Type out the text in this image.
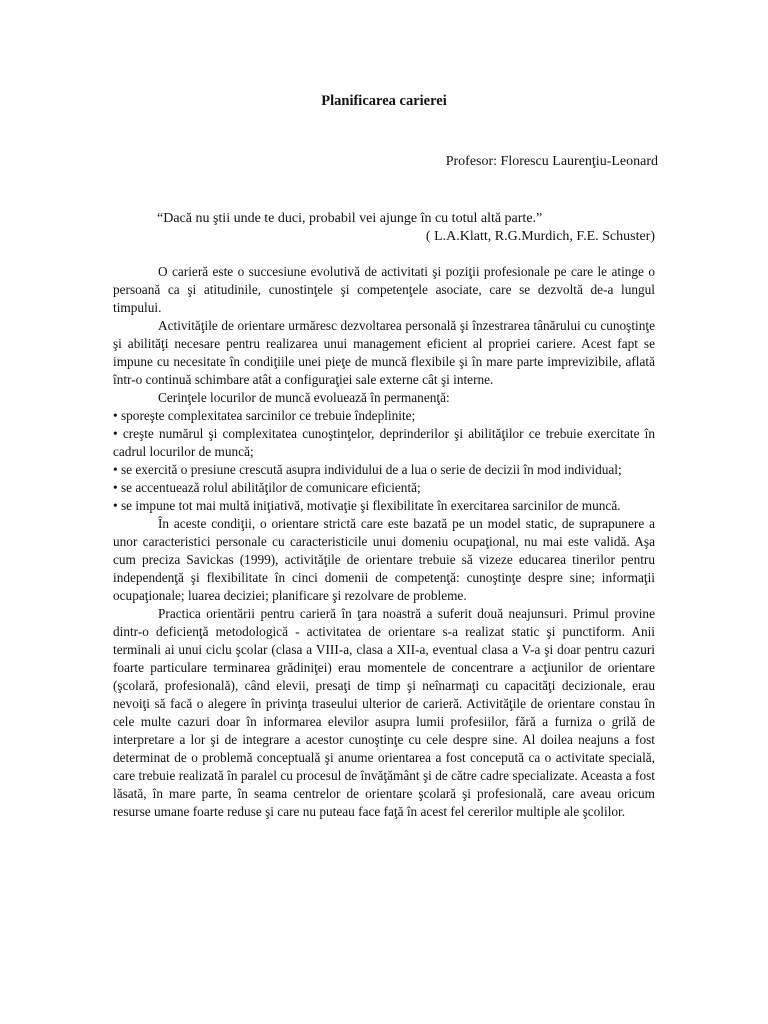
Planificarea carierei
Profesor: Florescu Laurenţiu-Leonard
“Dacă nu ştii unde te duci, probabil vei ajunge în cu totul altă parte.”
( L.A.Klatt, R.G.Murdich, F.E. Schuster)

O carieră este o succesiune evolutivă de activitati şi poziţii profesionale pe care le atinge o persoană ca şi atitudinile, cunostinţele şi competenţele asociate, care se dezvoltă de-a lungul timpului.

Activităţile de orientare urmăresc dezvoltarea personală şi înzestrarea tânărului cu cunoştinţe şi abilităţi necesare pentru realizarea unui management eficient al propriei cariere. Acest fapt se impune cu necesitate în condiţiile unei pieţe de muncă flexibile şi în mare parte imprevizibile, aflată într-o continuă schimbare atât a configuraţiei sale externe cât şi interne.

Cerinţele locurilor de muncă evoluează în permanenţă:

• sporeşte complexitatea sarcinilor ce trebuie îndeplinite;

• creşte numărul şi complexitatea cunoştinţelor, deprinderilor şi abilităţilor ce trebuie exercitate în cadrul locurilor de muncă;

• se exercită o presiune crescută asupra individului de a lua o serie de decizii în mod individual;

• se accentuează rolul abilităţilor de comunicare eficientă;

• se impune tot mai multă iniţiativă, motivaţie şi flexibilitate în exercitarea sarcinilor de muncă.

În aceste condiţii, o orientare strictă care este bazată pe un model static, de suprapunere a unor caracteristici personale cu caracteristicile unui domeniu ocupaţional, nu mai este validă. Aşa cum preciza Savickas (1999), activităţile de orientare trebuie să vizeze educarea tinerilor pentru independenţă şi flexibilitate în cinci domenii de competenţă: cunoştinţe despre sine; informaţii ocupaţionale; luarea deciziei; planificare şi rezolvare de probleme.

Practica orientării pentru carieră în ţara noastră a suferit două neajunsuri. Primul provine dintr-o deficienţă metodologică - activitatea de orientare s-a realizat static şi punctiform. Anii terminali ai unui ciclu şcolar (clasa a VIII-a, clasa a XII-a, eventual clasa a V-a şi doar pentru cazuri foarte particulare terminarea grădiniţei) erau momentele de concentrare a acţiunilor de orientare (şcolară, profesională), când elevii, presaţi de timp şi neînarmaţi cu capacităţi decizionale, erau nevoiţi să facă o alegere în privinţa traseului ulterior de carieră. Activităţile de orientare constau în cele multe cazuri doar în informarea elevilor asupra lumii profesiilor, fără a furniza o grilă de interpretare a lor şi de integrare a acestor cunoştinţe cu cele despre sine. Al doilea neajuns a fost determinat de o problemă conceptuală şi anume orientarea a fost concepută ca o activitate specială, care trebuie realizată în paralel cu procesul de învăţământ şi de către cadre specializate. Aceasta a fost lăsată, în mare parte, în seama centrelor de orientare şcolară şi profesională, care aveau oricum resurse umane foarte reduse şi care nu puteau face faţă în acest fel cererilor multiple ale şcolilor.
